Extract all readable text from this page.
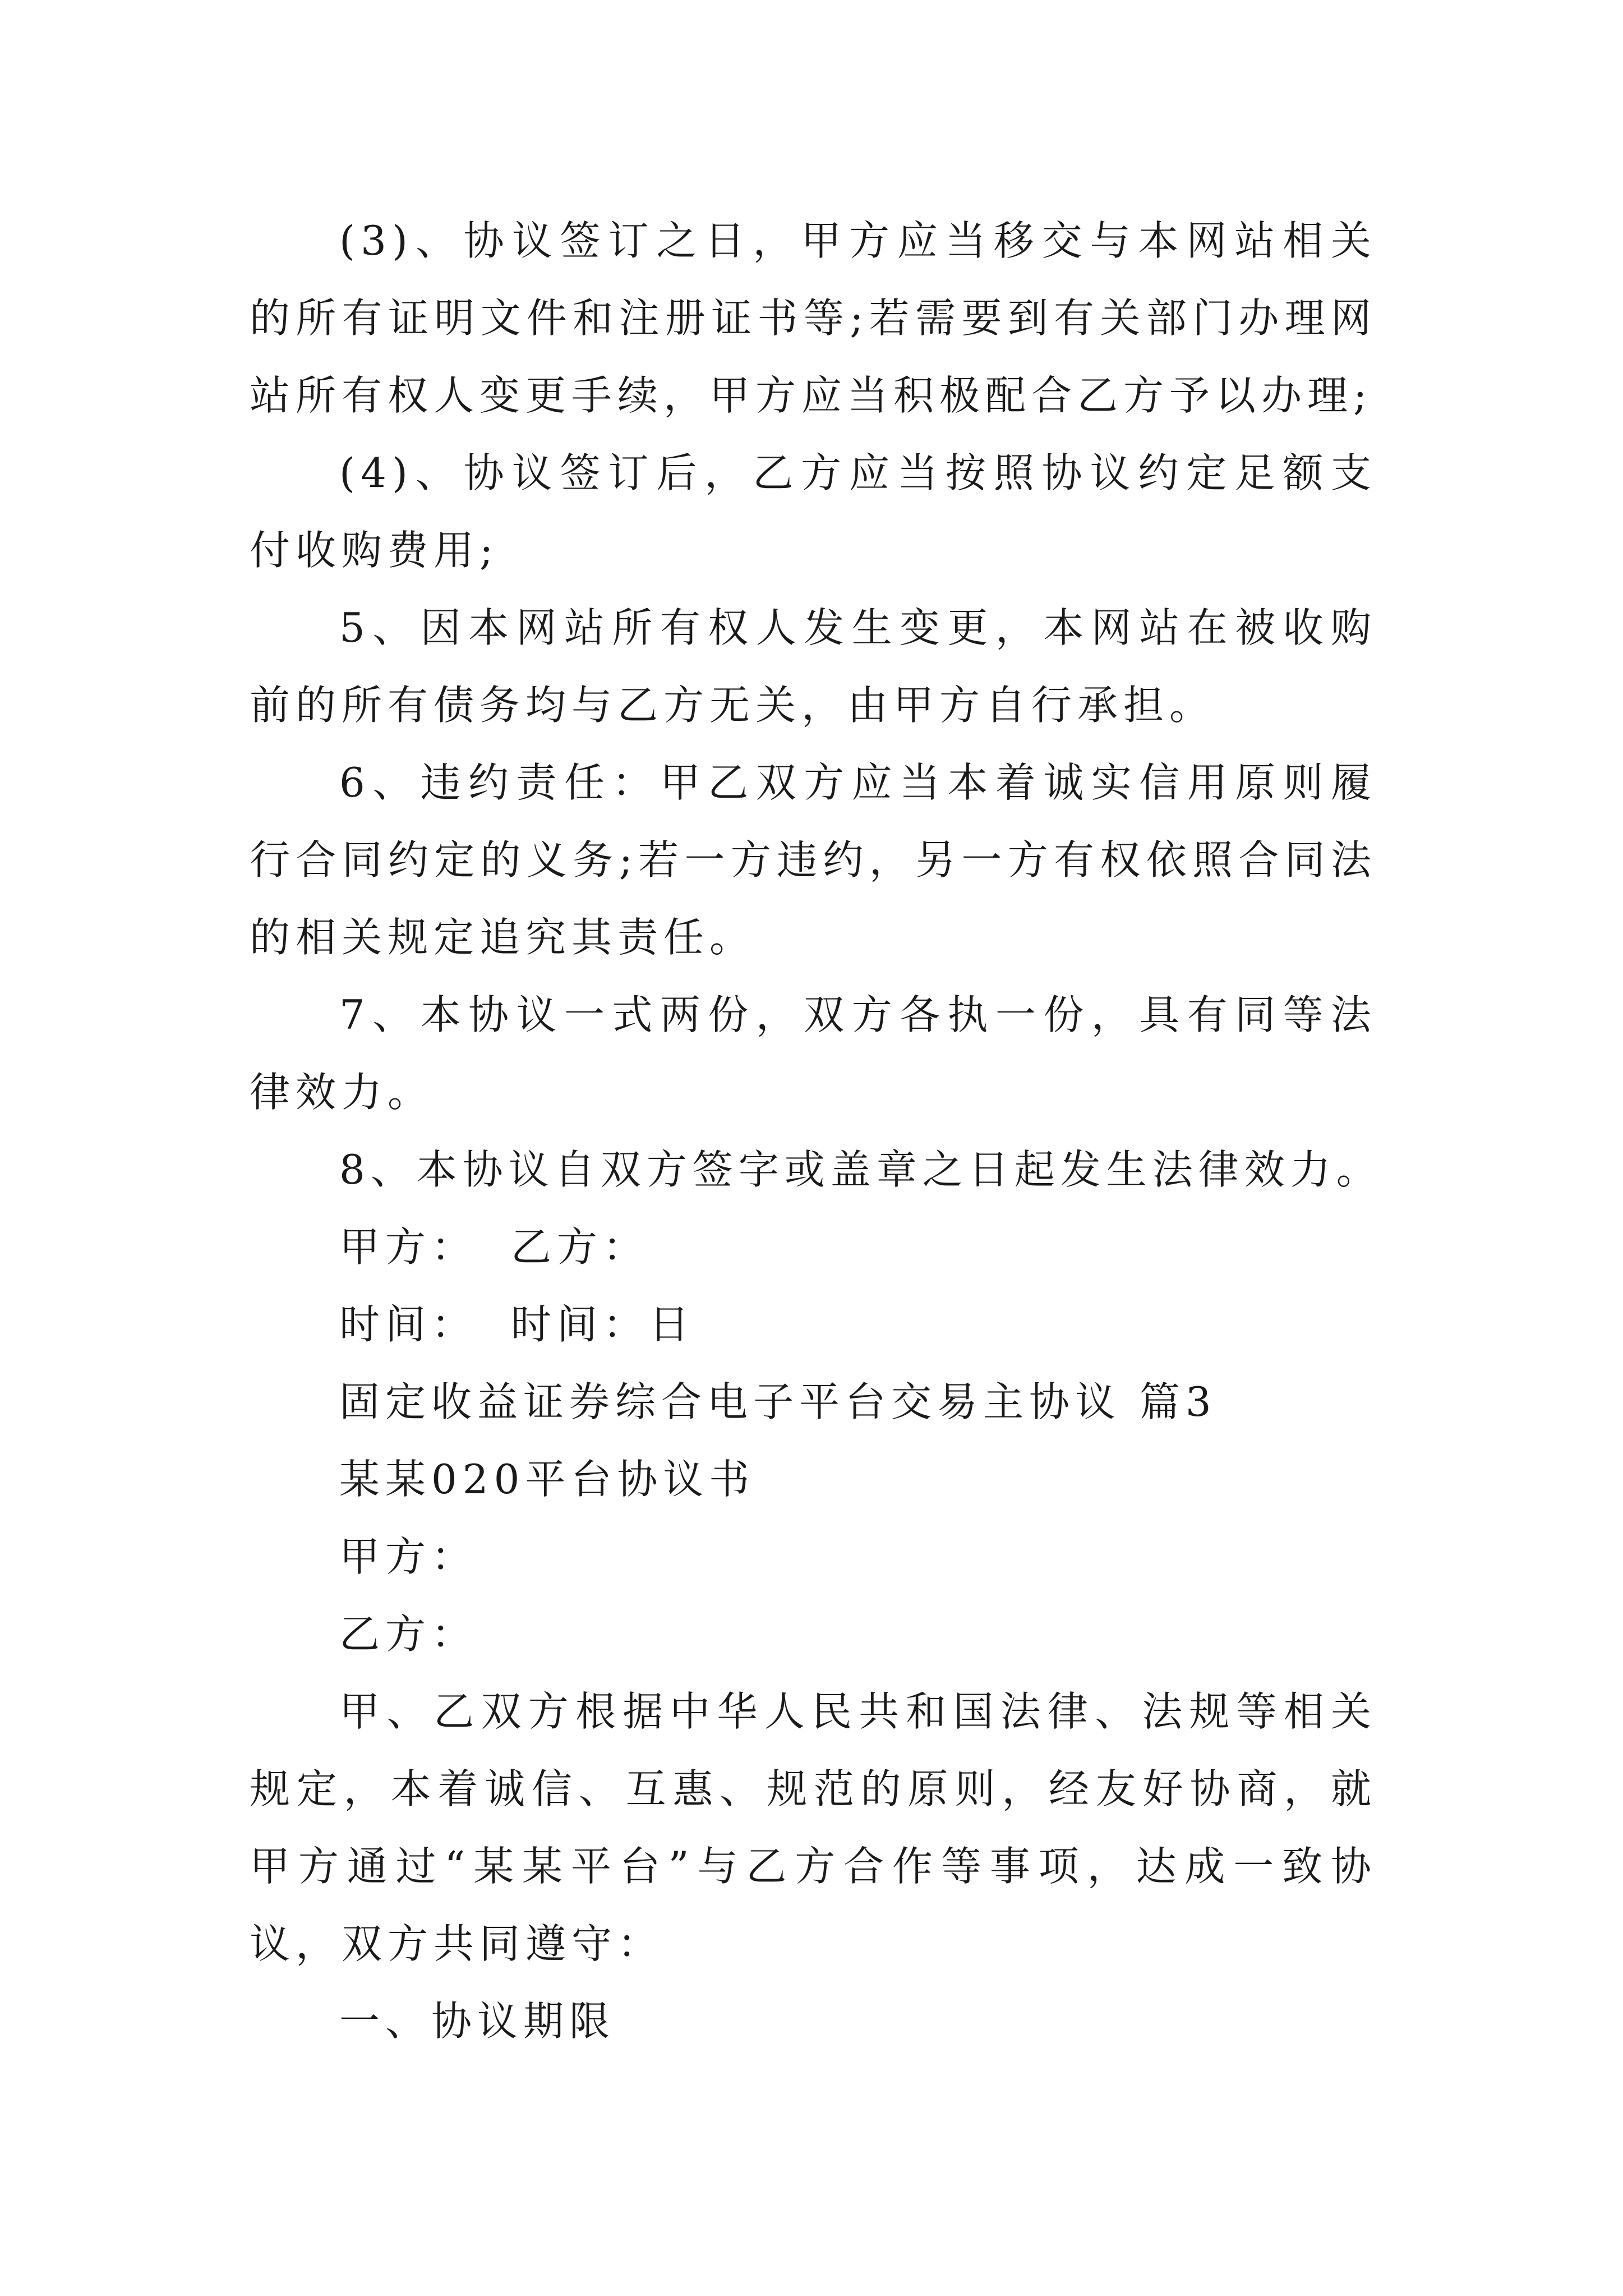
(3)、协议签订之日，甲方应当移交与本网站相关的所有证明文件和注册证书等;若需要到有关部门办理网站所有权人变更手续，甲方应当积极配合乙方予以办理;

(4)、协议签订后，乙方应当按照协议约定足额支付收购费用;

5、因本网站所有权人发生变更，本网站在被收购前的所有债务均与乙方无关，由甲方自行承担。

6、违约责任：甲乙双方应当本着诚实信用原则履行合同约定的义务;若一方违约，另一方有权依照合同法的相关规定追究其责任。

7、本协议一式两份，双方各执一份，具有同等法律效力。

8、本协议自双方签字或盖章之日起发生法律效力。

甲方： 乙方：

时间： 时间：日

固定收益证券综合电子平台交易主协议 篇3

某某020平台协议书

甲方：

乙方：

甲、乙双方根据中华人民共和国法律、法规等相关规定，本着诚信、互惠、规范的原则，经友好协商，就甲方通过“某某平台”与乙方合作等事项，达成一致协议，双方共同遵守：

一、协议期限
